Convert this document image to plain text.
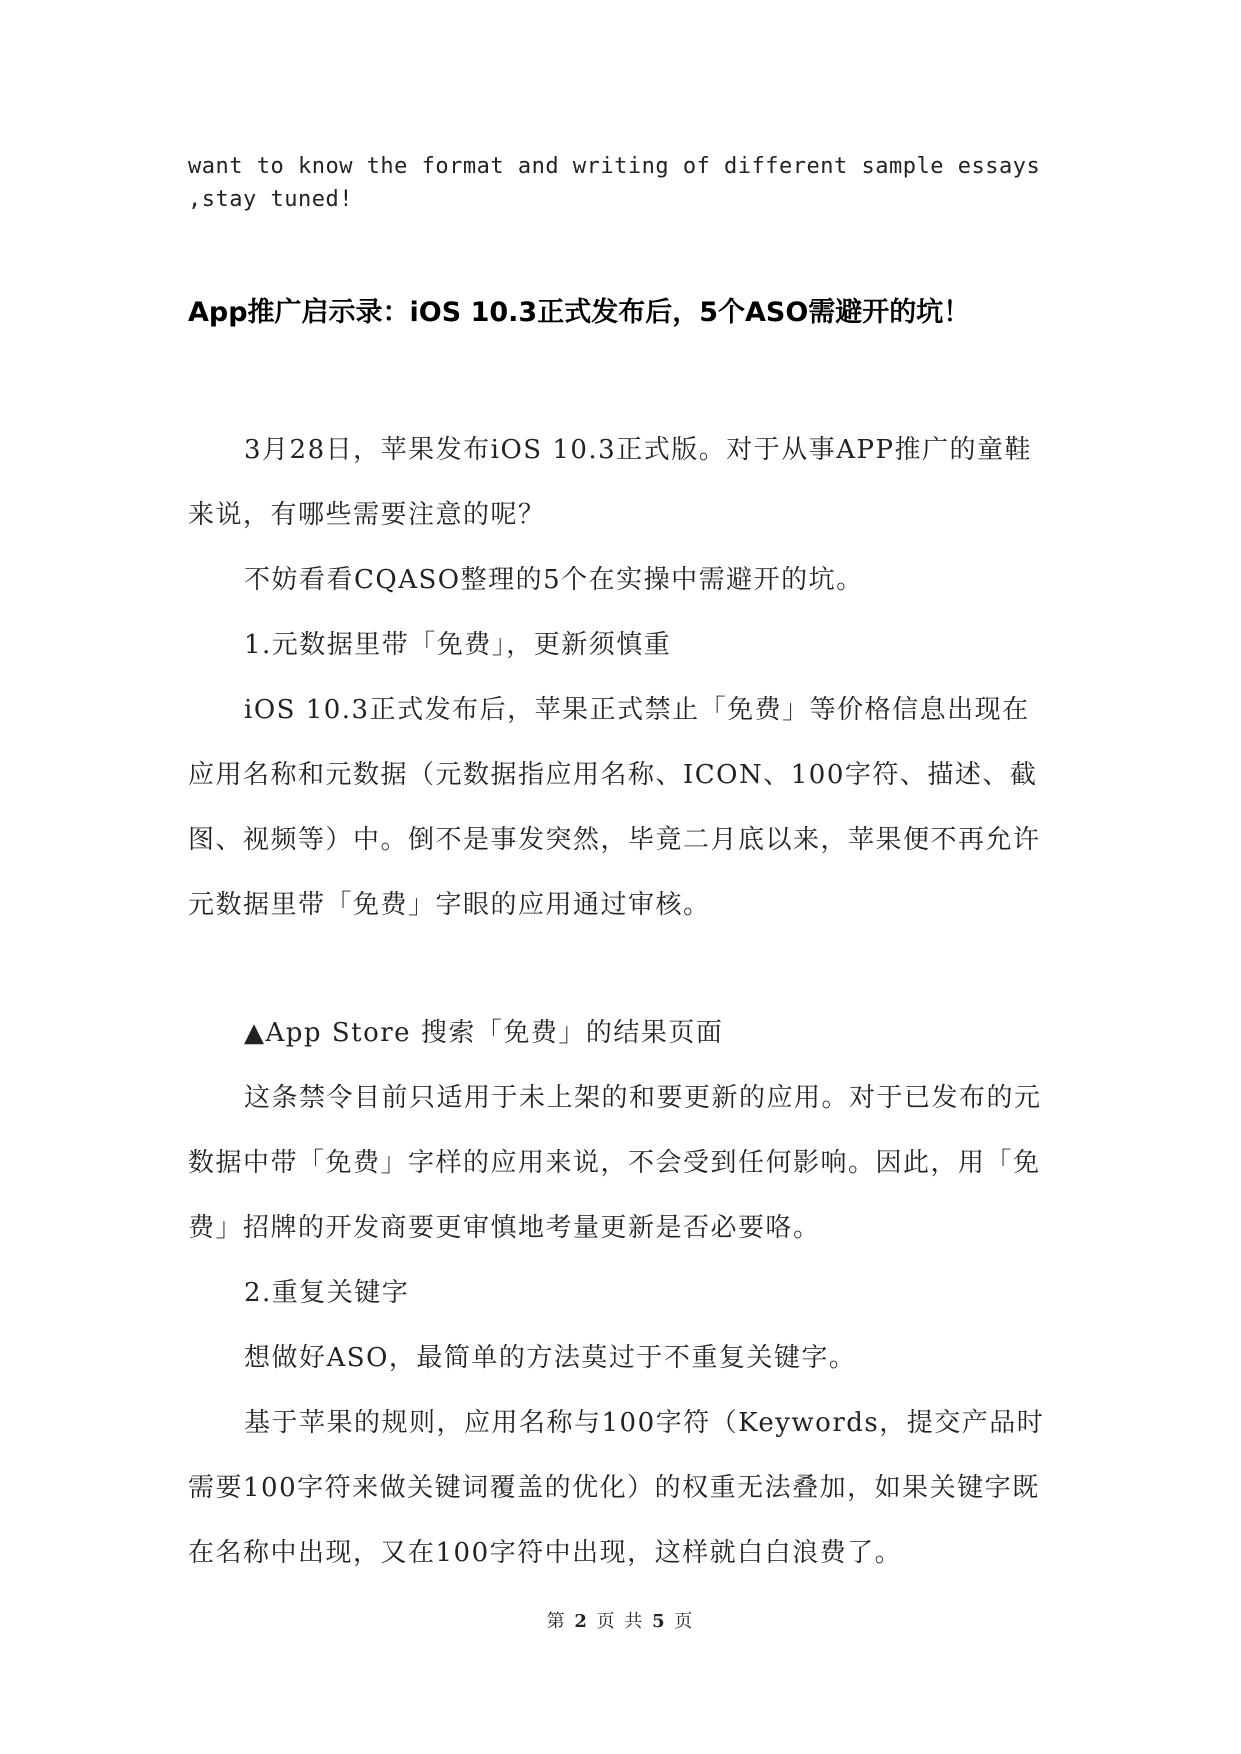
want to know the format and writing of different sample essays ,stay tuned!

App推广启示录：iOS 10.3正式发布后，5个ASO需避开的坑！

3月28日，苹果发布iOS 10.3正式版。对于从事APP推广的童鞋来说，有哪些需要注意的呢？

不妨看看CQASO整理的5个在实操中需避开的坑。

1.元数据里带「免费」，更新须慎重

iOS 10.3正式发布后，苹果正式禁止「免费」等价格信息出现在应用名称和元数据（元数据指应用名称、ICON、100字符、描述、截图、视频等）中。倒不是事发突然，毕竟二月底以来，苹果便不再允许元数据里带「免费」字眼的应用通过审核。

▲App Store 搜索「免费」的结果页面

这条禁令目前只适用于未上架的和要更新的应用。对于已发布的元数据中带「免费」字样的应用来说，不会受到任何影响。因此，用「免费」招牌的开发商要更审慎地考量更新是否必要咯。

2.重复关键字

想做好ASO，最简单的方法莫过于不重复关键字。

基于苹果的规则，应用名称与100字符（Keywords，提交产品时需要100字符来做关键词覆盖的优化）的权重无法叠加，如果关键字既在名称中出现，又在100字符中出现，这样就白白浪费了。

第 2 页 共 5 页
